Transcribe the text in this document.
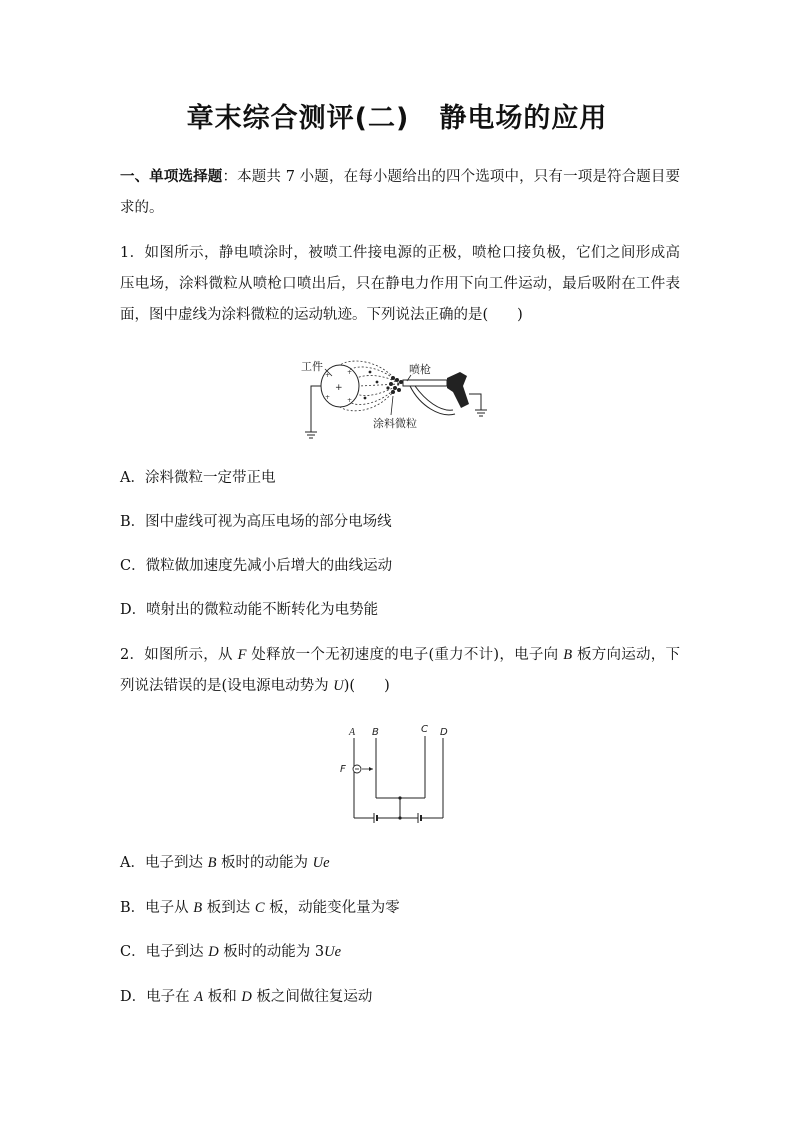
章末综合测评(二) 静电场的应用
一、单项选择题：本题共 7 小题，在每小题给出的四个选项中，只有一项是符合题目要求的。
1．如图所示，静电喷涂时，被喷工件接电源的正极，喷枪口接负极，它们之间形成高压电场，涂料微粒从喷枪口喷出后，只在静电力作用下向工件运动，最后吸附在工件表面，图中虚线为涂料微粒的运动轨迹。下列说法正确的是(　　)
+
+
+
+
+
工件	喷枪
涂料微粒
A．涂料微粒一定带正电
B．图中虚线可视为高压电场的部分电场线
C．微粒做加速度先减小后增大的曲线运动
D．喷射出的微粒动能不断转化为电势能
2．如图所示，从 F 处释放一个无初速度的电子(重力不计)，电子向 B 板方向运动，下列说法错误的是(设电源电动势为 U)(　　)
A B	C D
F
A．电子到达 B 板时的动能为 Ue
B．电子从 B 板到达 C 板，动能变化量为零
C．电子到达 D 板时的动能为 3Ue
D．电子在 A 板和 D 板之间做往复运动
